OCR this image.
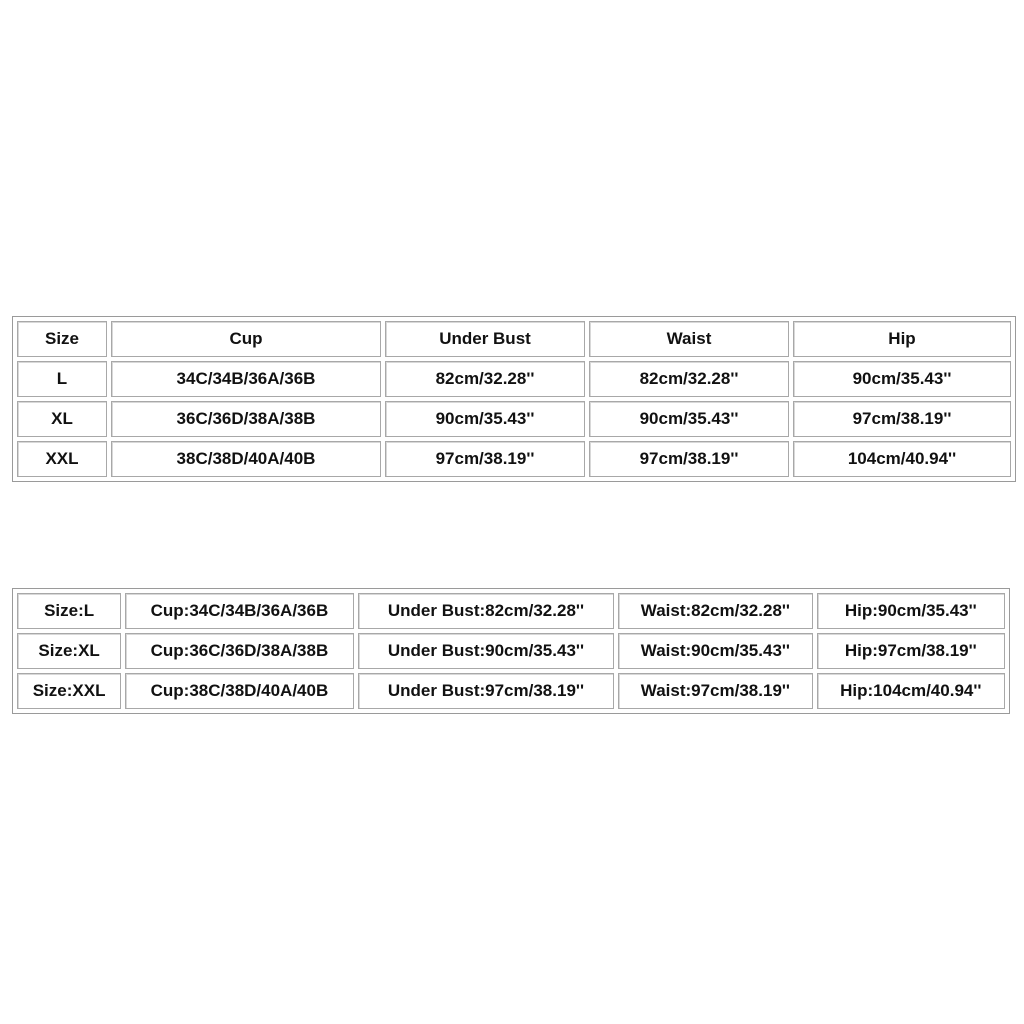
Size	Cup	Under Bust	Waist	Hip
L	34C/34B/36A/36B	82cm/32.28''	82cm/32.28''	90cm/35.43''
XL	36C/36D/38A/38B	90cm/35.43''	90cm/35.43''	97cm/38.19''
XXL	38C/38D/40A/40B	97cm/38.19''	97cm/38.19''	104cm/40.94''
Size:L	Cup:34C/34B/36A/36B	Under Bust:82cm/32.28''	Waist:82cm/32.28''	Hip:90cm/35.43''
Size:XL	Cup:36C/36D/38A/38B	Under Bust:90cm/35.43''	Waist:90cm/35.43''	Hip:97cm/38.19''
Size:XXL	Cup:38C/38D/40A/40B	Under Bust:97cm/38.19''	Waist:97cm/38.19''	Hip:104cm/40.94''
